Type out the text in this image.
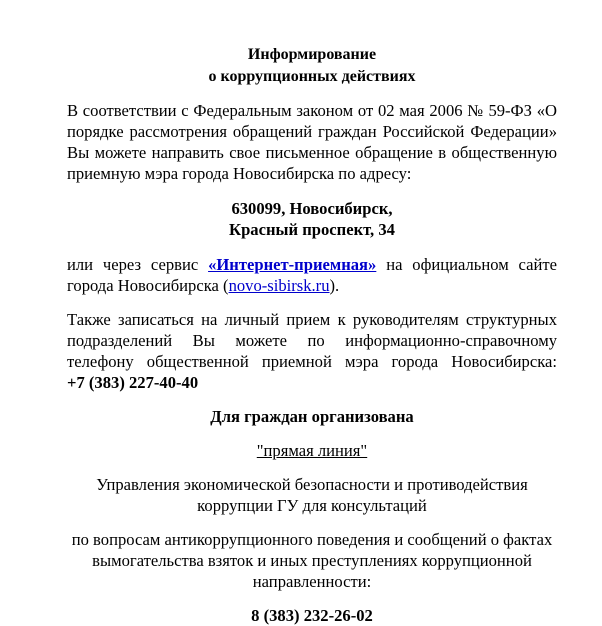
Информирование
о коррупционных действиях

В соответствии с Федеральным законом от 02 мая 2006 № 59-ФЗ «О
порядке рассмотрения обращений граждан Российской Федерации»
Вы можете направить свое письменное обращение в общественную
приемную мэра города Новосибирска по адресу:

630099, Новосибирск,
Красный проспект, 34

или через сервис «Интернет-приемная» на официальном сайте
города Новосибирска (novo-sibirsk.ru).

Также записаться на личный прием к руководителям структурных
подразделений Вы можете по информационно-справочному
телефону общественной приемной мэра города Новосибирска:
+7 (383) 227-40-40

Для граждан организована

"прямая линия"

Управления экономической безопасности и противодействия
коррупции ГУ для консультаций

по вопросам антикоррупционного поведения и сообщений о фактах
вымогательства взяток и иных преступлениях коррупционной
направленности:

8 (383) 232-26-02
